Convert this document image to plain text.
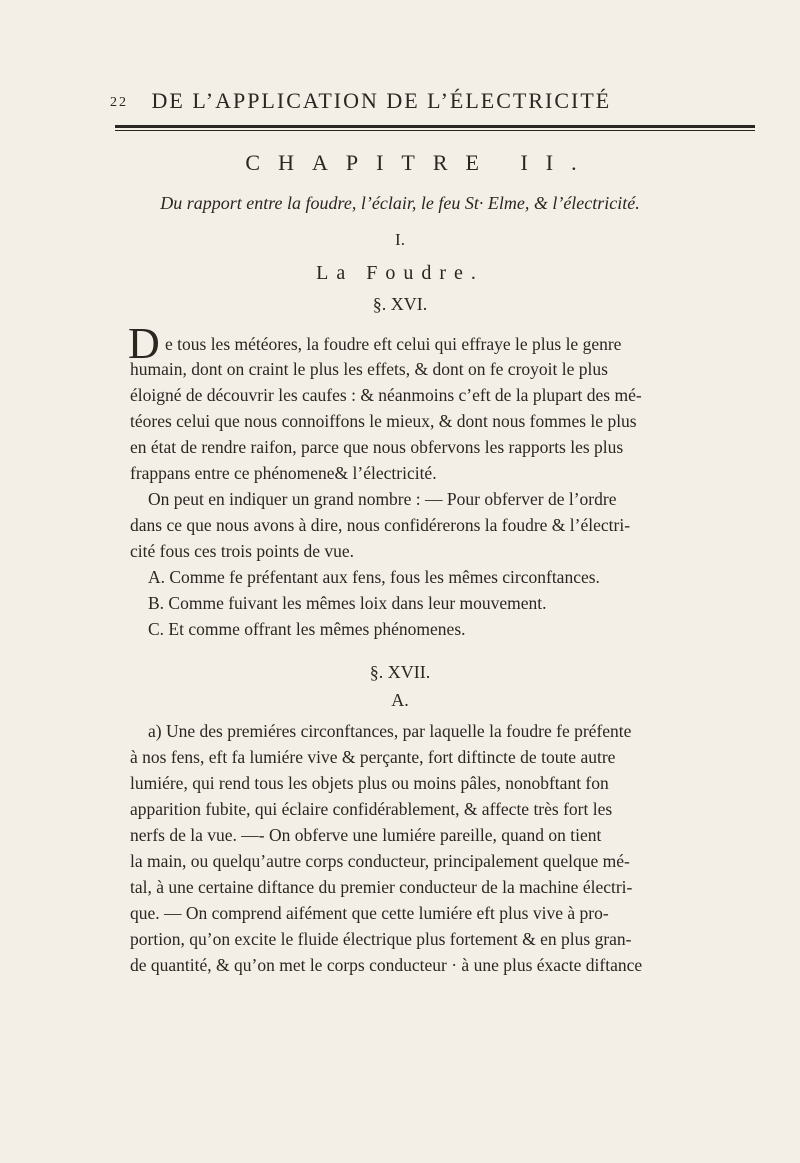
22 DE L’APPLICATION DE L’ÉLECTRICITÉ
CHAPITRE II.
Du rapport entre la foudre, l’éclair, le feu St· Elme, & l’électricité.
I.
La Foudre.
§. XVI.
D e tous les météores, la foudre eft celui qui effraye le plus le genre
humain, dont on craint le plus les effets, & dont on fe croyoit le plus
éloigné de découvrir les caufes : & néanmoins c’eft de la plupart des mé-
téores celui que nous connoiffons le mieux, & dont nous fommes le plus
en état de rendre raifon, parce que nous obfervons les rapports les plus
frappans entre ce phénomene& l’électricité.
On peut en indiquer un grand nombre : — Pour obferver de l’ordre
dans ce que nous avons à dire, nous confidérerons la foudre & l’électri-
cité fous ces trois points de vue.
A. Comme fe préfentant aux fens, fous les mêmes circonftances.
B. Comme fuivant les mêmes loix dans leur mouvement.
C. Et comme offrant les mêmes phénomenes.
§. XVII.
A.
a) Une des premiéres circonftances, par laquelle la foudre fe préfente
à nos fens, eft fa lumiére vive & perçante, fort diftincte de toute autre
lumiére, qui rend tous les objets plus ou moins pâles, nonobftant fon
apparition fubite, qui éclaire confidérablement, & affecte très fort les
nerfs de la vue. —- On obferve une lumiére pareille, quand on tient
la main, ou quelqu’autre corps conducteur, principalement quelque mé-
tal, à une certaine diftance du premier conducteur de la machine électri-
que. — On comprend aifément que cette lumiére eft plus vive à pro-
portion, qu’on excite le fluide électrique plus fortement & en plus gran-
de quantité, & qu’on met le corps conducteur · à une plus éxacte diftance
